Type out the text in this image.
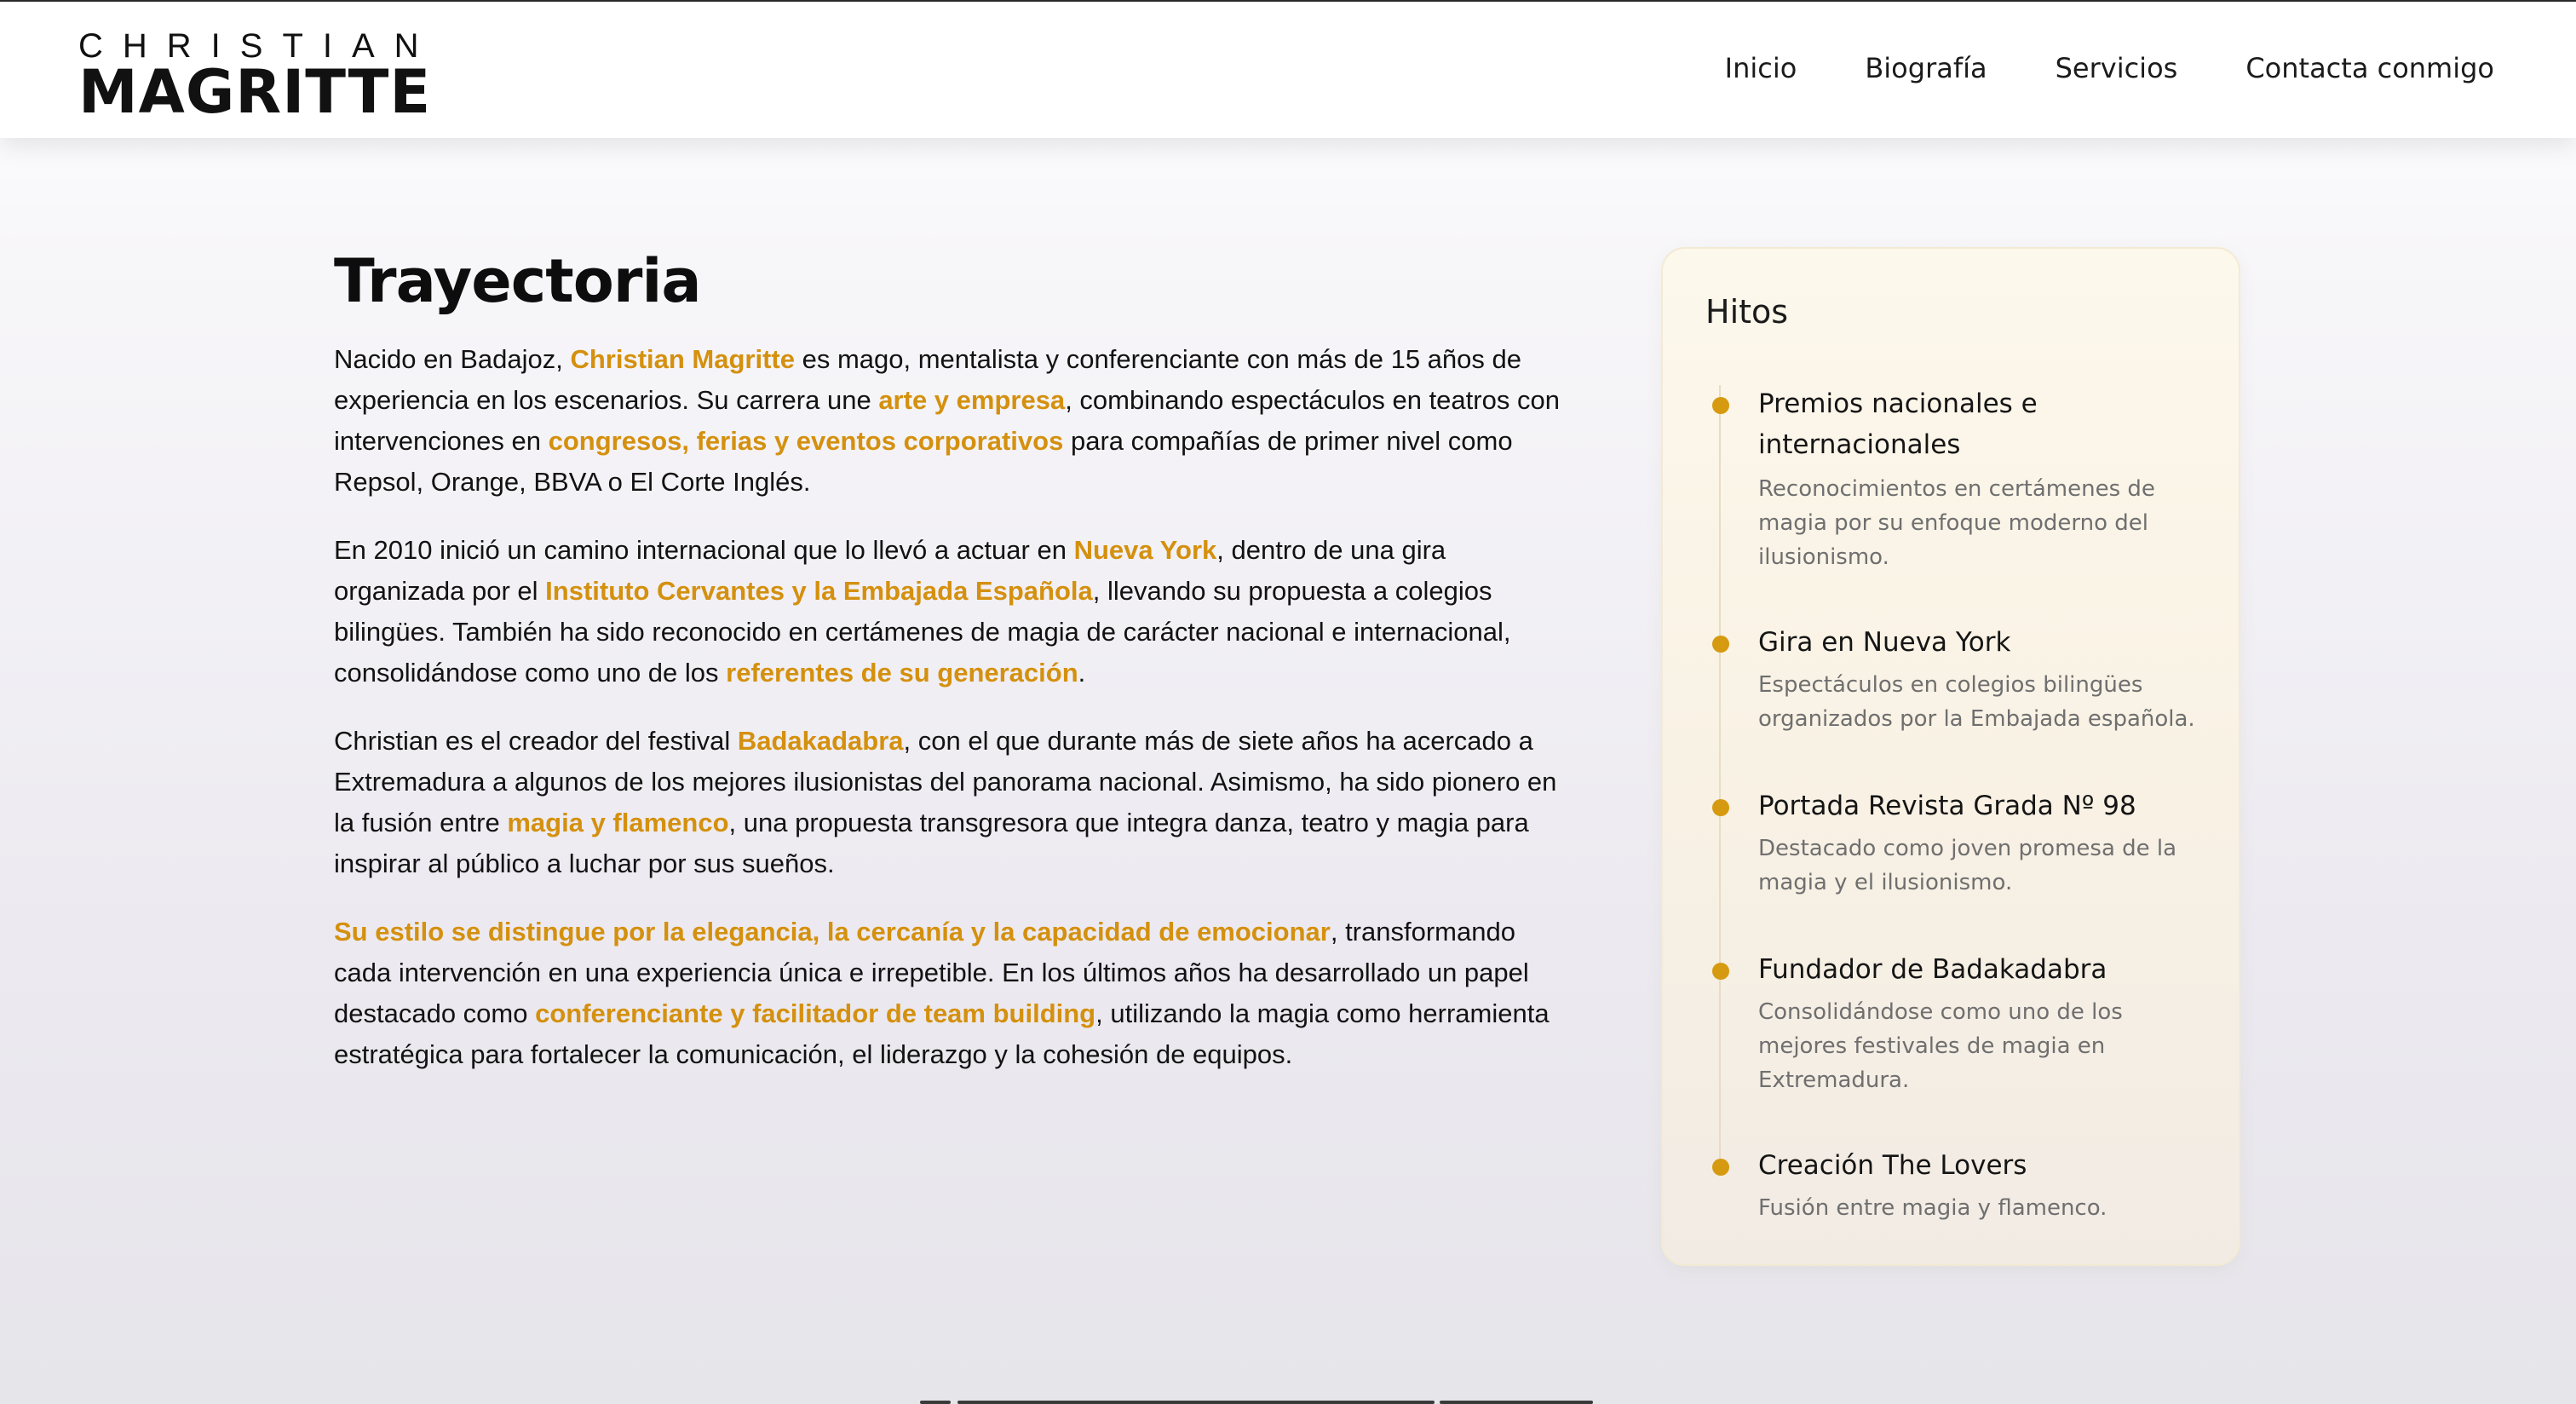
CHRISTIAN
MAGRITTE	Inicio	Biografía	Servicios	Contacta conmigo
Trayectoria

Nacido en Badajoz, Christian Magritte es mago, mentalista y conferenciante con más de 15 años de experiencia en los escenarios. Su carrera une arte y empresa, combinando espectáculos en teatros con intervenciones en congresos, ferias y eventos corporativos para compañías de primer nivel como Repsol, Orange, BBVA o El Corte Inglés.

En 2010 inició un camino internacional que lo llevó a actuar en Nueva York, dentro de una gira organizada por el Instituto Cervantes y la Embajada Española, llevando su propuesta a colegios bilingües. También ha sido reconocido en certámenes de magia de carácter nacional e internacional, consolidándose como uno de los referentes de su generación.

Christian es el creador del festival Badakadabra, con el que durante más de siete años ha acercado a Extremadura a algunos de los mejores ilusionistas del panorama nacional. Asimismo, ha sido pionero en la fusión entre magia y flamenco, una propuesta transgresora que integra danza, teatro y magia para inspirar al público a luchar por sus sueños.

Su estilo se distingue por la elegancia, la cercanía y la capacidad de emocionar, transformando cada intervención en una experiencia única e irrepetible. En los últimos años ha desarrollado un papel destacado como conferenciante y facilitador de team building, utilizando la magia como herramienta estratégica para fortalecer la comunicación, el liderazgo y la cohesión de equipos.

Hitos
Premios nacionales e internacionales
Reconocimientos en certámenes de magia por su enfoque moderno del ilusionismo.
Gira en Nueva York
Espectáculos en colegios bilingües organizados por la Embajada española.
Portada Revista Grada Nº 98
Destacado como joven promesa de la magia y el ilusionismo.
Fundador de Badakadabra
Consolidándose como uno de los mejores festivales de magia en Extremadura.
Creación The Lovers
Fusión entre magia y flamenco.
